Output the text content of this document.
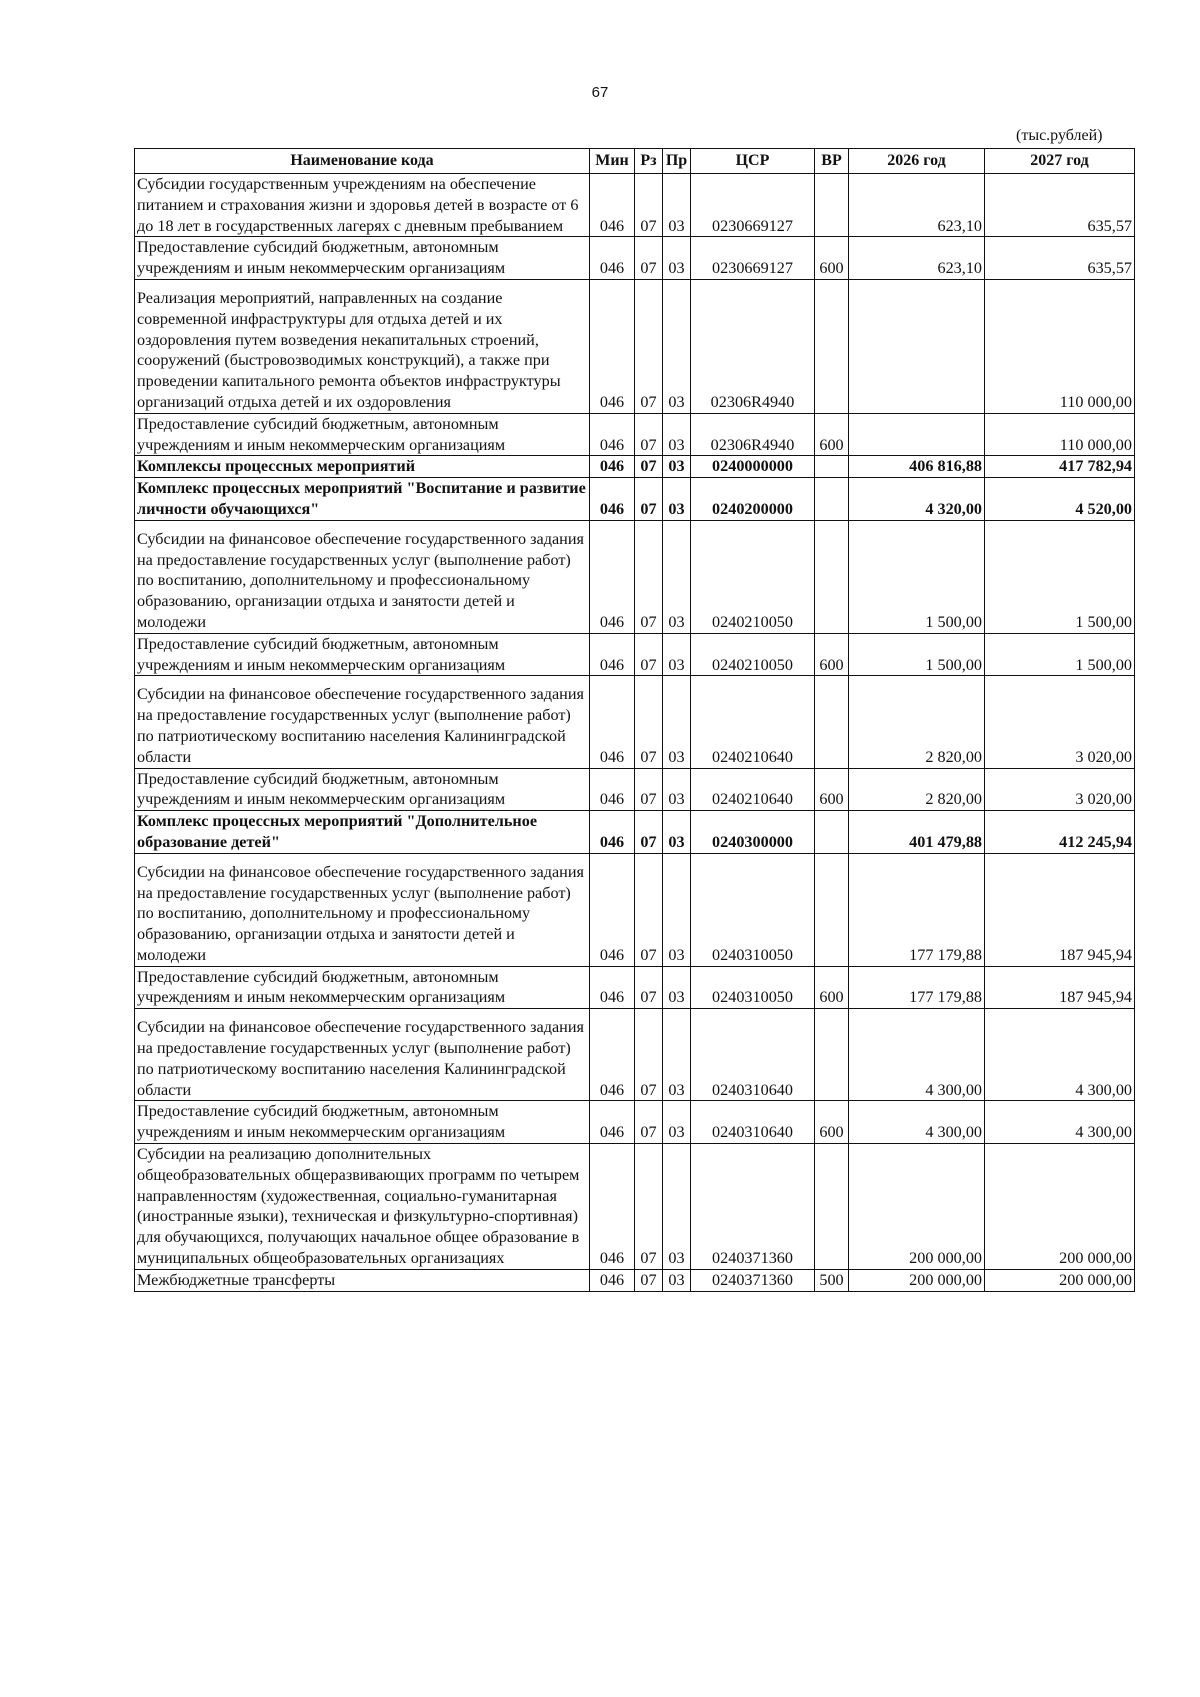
67
(тыс.рублей)
Наименование кода	Мин	Рз	Пр	ЦСР	ВР	2026 год	2027 год
Субсидии государственным учреждениям на обеспечение питанием и страхования жизни и здоровья детей в возрасте от 6 до 18 лет в государственных лагерях с дневным пребыванием	046	07	03	0230669127		623,10	635,57
Предоставление субсидий бюджетным, автономным учреждениям и иным некоммерческим организациям	046	07	03	0230669127	600	623,10	635,57
Реализация мероприятий, направленных на создание современной инфраструктуры для отдыха детей и их оздоровления путем возведения некапитальных строений, сооружений (быстровозводимых конструкций), а также при проведении капитального ремонта объектов инфраструктуры организаций отдыха детей и их оздоровления	046	07	03	02306R4940			110 000,00
Предоставление субсидий бюджетным, автономным учреждениям и иным некоммерческим организациям	046	07	03	02306R4940	600		110 000,00
Комплексы процессных мероприятий	046	07	03	0240000000		406 816,88	417 782,94
Комплекс процессных мероприятий "Воспитание и развитие личности обучающихся"	046	07	03	0240200000		4 320,00	4 520,00
Субсидии на финансовое обеспечение государственного задания на предоставление государственных услуг (выполнение работ) по воспитанию, дополнительному и профессиональному образованию, организации отдыха и занятости детей и молодежи	046	07	03	0240210050		1 500,00	1 500,00
Предоставление субсидий бюджетным, автономным учреждениям и иным некоммерческим организациям	046	07	03	0240210050	600	1 500,00	1 500,00
Субсидии на финансовое обеспечение государственного задания на предоставление государственных услуг (выполнение работ) по патриотическому воспитанию населения Калининградской области	046	07	03	0240210640		2 820,00	3 020,00
Предоставление субсидий бюджетным, автономным учреждениям и иным некоммерческим организациям	046	07	03	0240210640	600	2 820,00	3 020,00
Комплекс процессных мероприятий "Дополнительное образование детей"	046	07	03	0240300000		401 479,88	412 245,94
Субсидии на финансовое обеспечение государственного задания на предоставление государственных услуг (выполнение работ) по воспитанию, дополнительному и профессиональному образованию, организации отдыха и занятости детей и молодежи	046	07	03	0240310050		177 179,88	187 945,94
Предоставление субсидий бюджетным, автономным учреждениям и иным некоммерческим организациям	046	07	03	0240310050	600	177 179,88	187 945,94
Субсидии на финансовое обеспечение государственного задания на предоставление государственных услуг (выполнение работ) по патриотическому воспитанию населения Калининградской области	046	07	03	0240310640		4 300,00	4 300,00
Предоставление субсидий бюджетным, автономным учреждениям и иным некоммерческим организациям	046	07	03	0240310640	600	4 300,00	4 300,00
Субсидии на реализацию дополнительных общеобразовательных общеразвивающих программ по четырем направленностям (художественная, социально-гуманитарная (иностранные языки), техническая и физкультурно-спортивная) для обучающихся, получающих начальное общее образование в муниципальных общеобразовательных организациях	046	07	03	0240371360		200 000,00	200 000,00
Межбюджетные трансферты	046	07	03	0240371360	500	200 000,00	200 000,00
